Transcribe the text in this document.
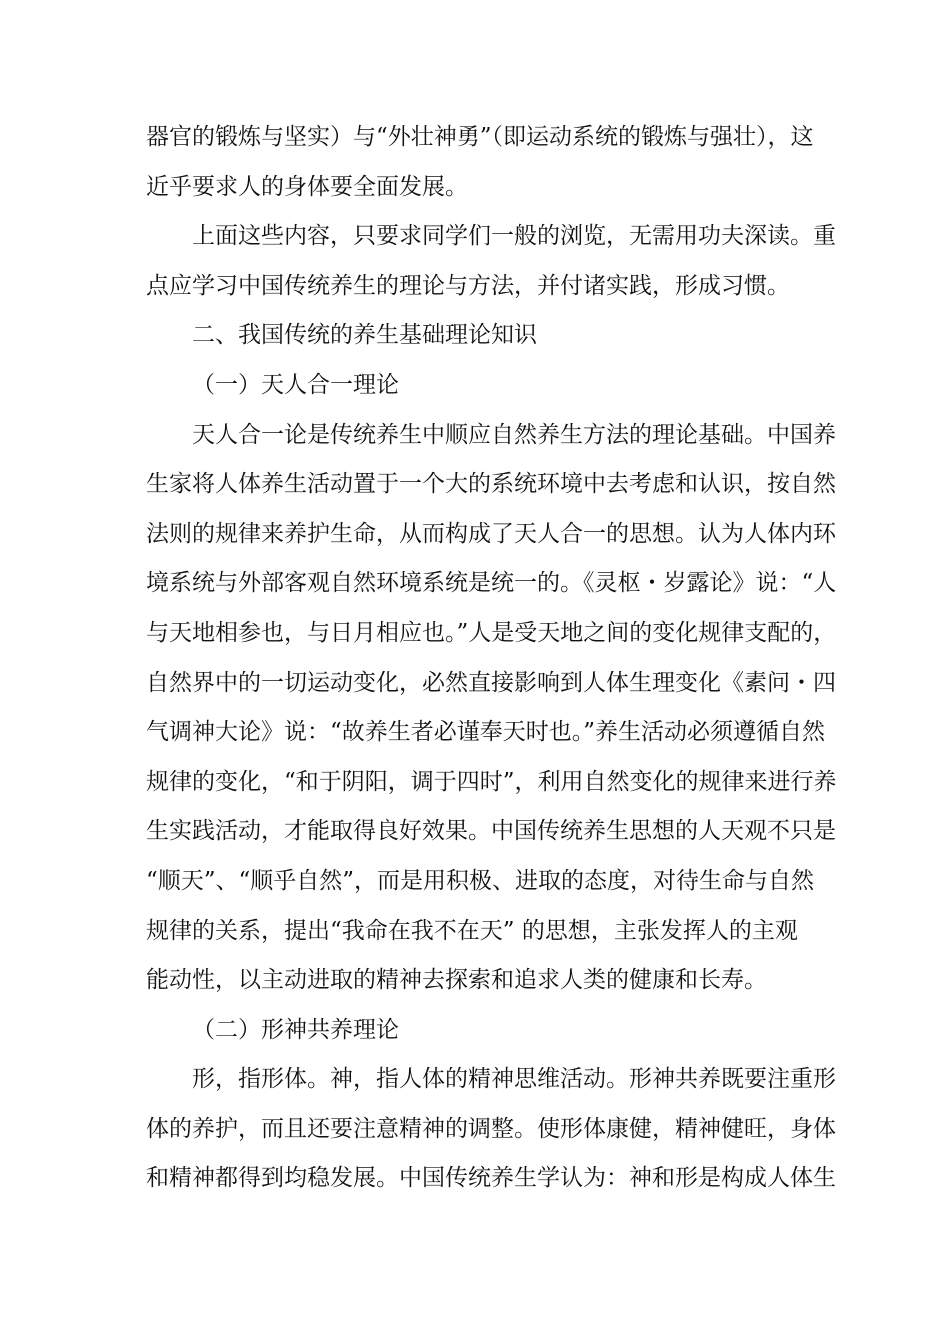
器官的锻炼与坚实）与“外壮神勇”（即运动系统的锻炼与强壮），这
近乎要求人的身体要全面发展。
上面这些内容，只要求同学们一般的浏览，无需用功夫深读。重
点应学习中国传统养生的理论与方法，并付诸实践，形成习惯。
二、我国传统的养生基础理论知识
（一）天人合一理论
天人合一论是传统养生中顺应自然养生方法的理论基础。中国养
生家将人体养生活动置于一个大的系统环境中去考虑和认识，按自然
法则的规律来养护生命，从而构成了天人合一的思想。认为人体内环
境系统与外部客观自然环境系统是统一的。《灵枢・岁露论》说：“人
与天地相参也，与日月相应也。”人是受天地之间的变化规律支配的，
自然界中的一切运动变化，必然直接影响到人体生理变化《素问・四
气调神大论》说：“故养生者必谨奉天时也。”养生活动必须遵循自然
规律的变化，“和于阴阳，调于四时”，利用自然变化的规律来进行养
生实践活动，才能取得良好效果。中国传统养生思想的人天观不只是
“顺天”、“顺乎自然”，而是用积极、进取的态度，对待生命与自然
规律的关系，提出“我命在我不在天” 的思想，主张发挥人的主观
能动性，以主动进取的精神去探索和追求人类的健康和长寿。
（二）形神共养理论
形，指形体。神，指人体的精神思维活动。形神共养既要注重形
体的养护，而且还要注意精神的调整。使形体康健，精神健旺，身体
和精神都得到均稳发展。中国传统养生学认为：神和形是构成人体生
